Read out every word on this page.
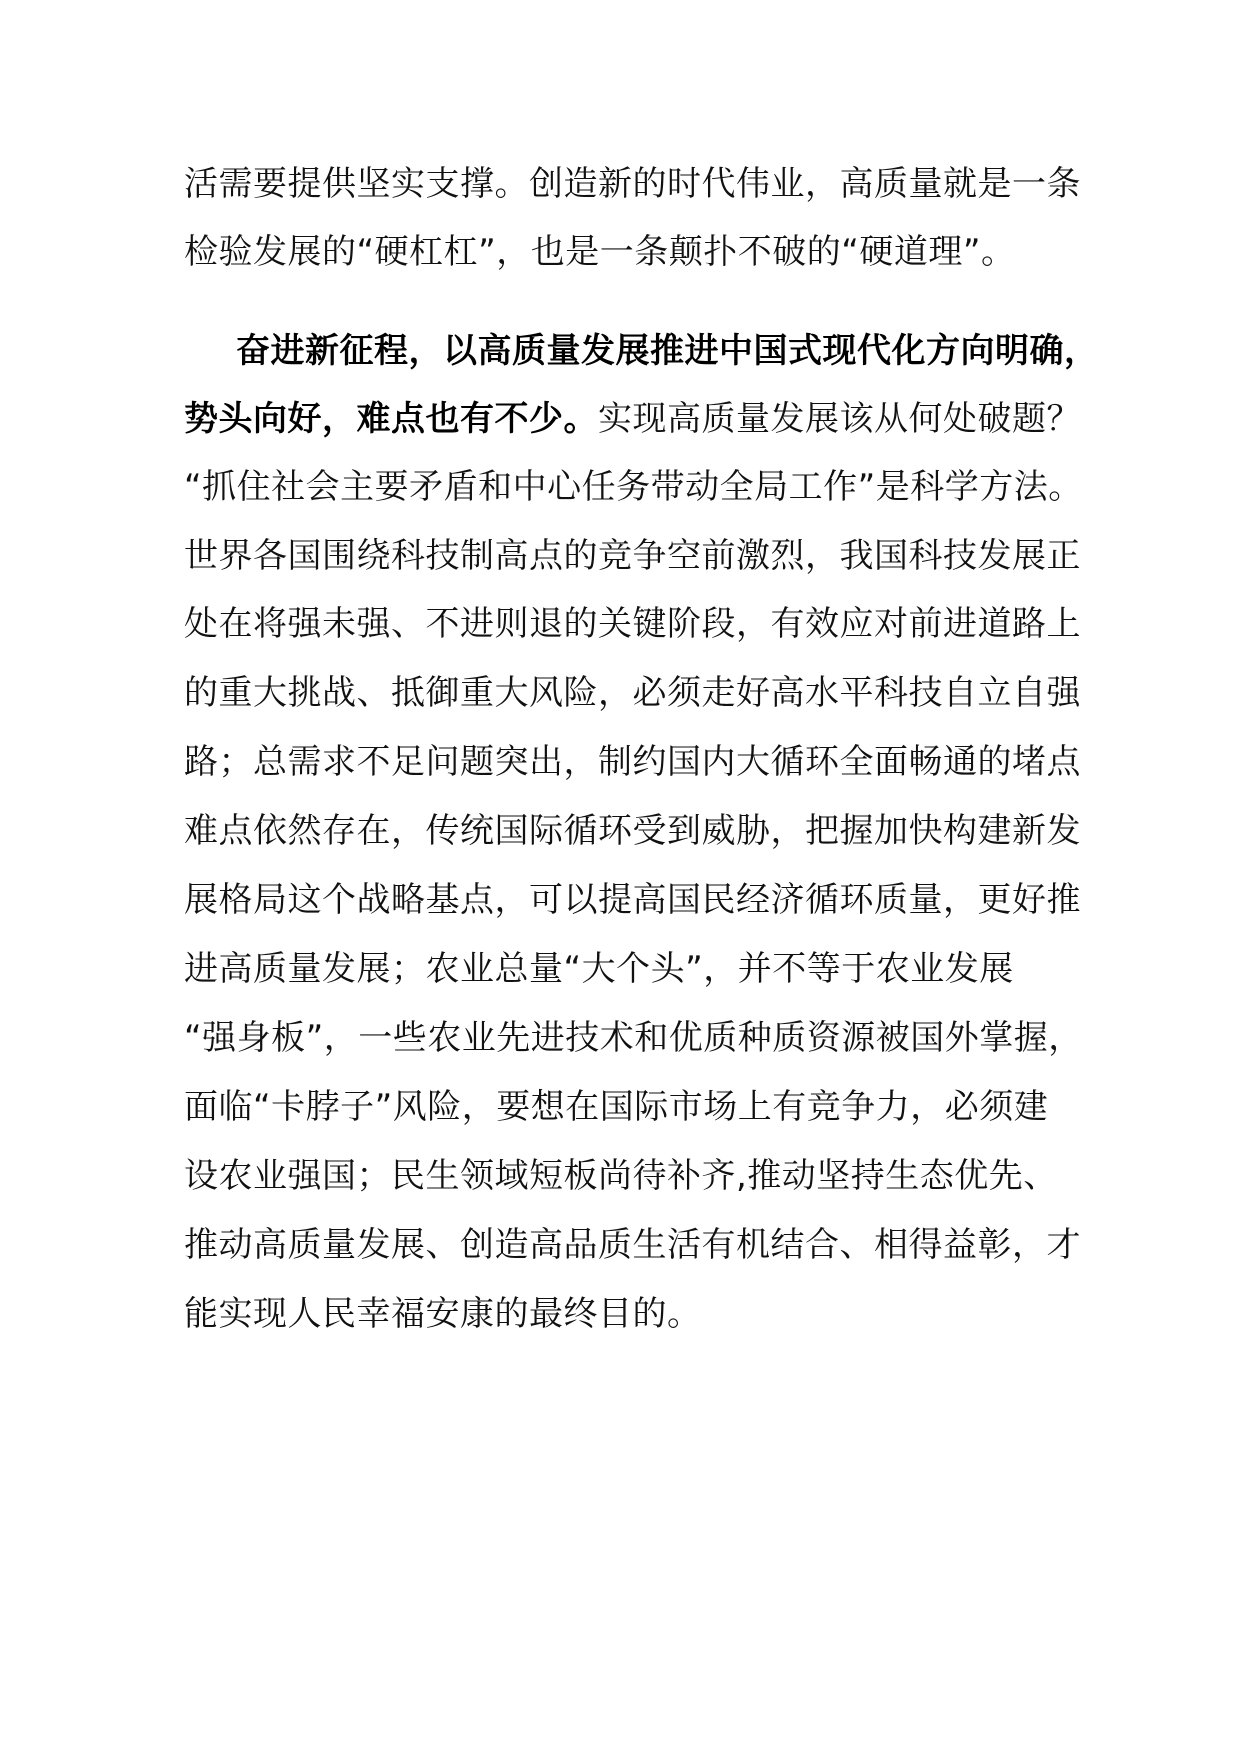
活需要提供坚实支撑。创造新的时代伟业，高质量就是一条
检验发展的“硬杠杠”，也是一条颠扑不破的“硬道理”。
奋进新征程，以高质量发展推进中国式现代化方向明确，
势头向好，难点也有不少。实现高质量发展该从何处破题？
“抓住社会主要矛盾和中心任务带动全局工作”是科学方法。
世界各国围绕科技制高点的竞争空前激烈，我国科技发展正
处在将强未强、不进则退的关键阶段，有效应对前进道路上
的重大挑战、抵御重大风险，必须走好高水平科技自立自强
路；总需求不足问题突出，制约国内大循环全面畅通的堵点
难点依然存在，传统国际循环受到威胁，把握加快构建新发
展格局这个战略基点，可以提高国民经济循环质量，更好推
进高质量发展；农业总量“大个头”，并不等于农业发展
“强身板”，一些农业先进技术和优质种质资源被国外掌握，
面临“卡脖子”风险，要想在国际市场上有竞争力，必须建
设农业强国；民生领域短板尚待补齐,推动坚持生态优先、
推动高质量发展、创造高品质生活有机结合、相得益彰，才
能实现人民幸福安康的最终目的。
